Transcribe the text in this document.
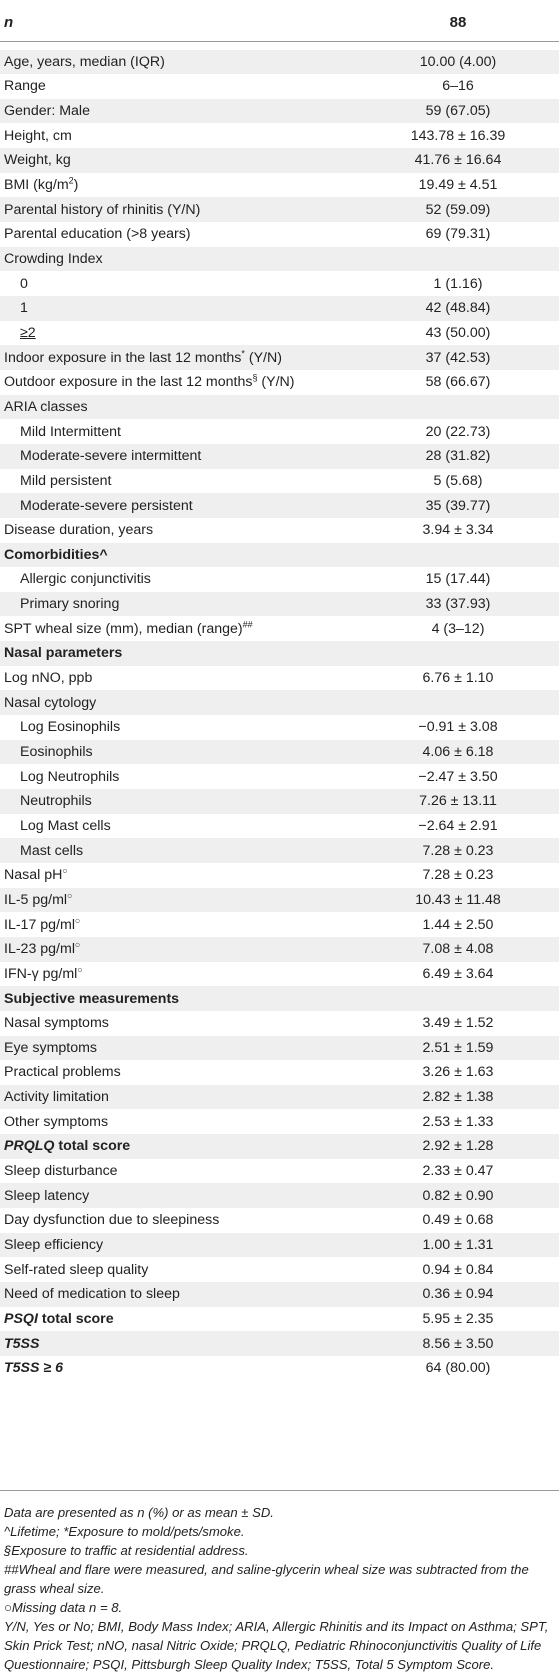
n	88
Age, years, median (IQR)	10.00 (4.00)
Range	6–16
Gender: Male	59 (67.05)
Height, cm	143.78 ± 16.39
Weight, kg	41.76 ± 16.64
BMI $(kg/m^2)$	19.49 ± 4.51
Parental history of rhinitis (Y/N)	52 (59.09)
Parental education (>8 years)	69 (79.31)
Crowding Index
0	1 (1.16)
1	42 (48.84)
≥2	43 (50.00)
Indoor exposure in the last 12 months* (Y/N)	37 (42.53)
Outdoor exposure in the last 12 months§ (Y/N)	58 (66.67)
ARIA classes
Mild Intermittent	20 (22.73)
Moderate-severe intermittent	28 (31.82)
Mild persistent	5 (5.68)
Moderate-severe persistent	35 (39.77)
Disease duration, years	3.94 ± 3.34
Comorbidities^
Allergic conjunctivitis	15 (17.44)
Primary snoring	33 (37.93)
SPT wheal size (mm), median (range)##	4 (3–12)
Nasal parameters
Log nNO, ppb	6.76 ± 1.10
Nasal cytology
Log Eosinophils	−0.91 ± 3.08
Eosinophils	4.06 ± 6.18
Log Neutrophils	−2.47 ± 3.50
Neutrophils	7.26 ± 13.11
Log Mast cells	−2.64 ± 2.91
Mast cells	7.28 ± 0.23
Nasal pH○	7.28 ± 0.23
IL-5 pg/ml○	10.43 ± 11.48
IL-17 pg/ml○	1.44 ± 2.50
IL-23 pg/ml○	7.08 ± 4.08
IFN-γ pg/ml○	6.49 ± 3.64
Subjective measurements
Nasal symptoms	3.49 ± 1.52
Eye symptoms	2.51 ± 1.59
Practical problems	3.26 ± 1.63
Activity limitation	2.82 ± 1.38
Other symptoms	2.53 ± 1.33
PRQLQ total score	2.92 ± 1.28
Sleep disturbance	2.33 ± 0.47
Sleep latency	0.82 ± 0.90
Day dysfunction due to sleepiness	0.49 ± 0.68
Sleep efficiency	1.00 ± 1.31
Self-rated sleep quality	0.94 ± 0.84
Need of medication to sleep	0.36 ± 0.94
PSQI total score	5.95 ± 2.35
T5SS	8.56 ± 3.50
T5SS ≥ 6	64 (80.00)
Data are presented as n (%) or as mean ± SD.
^Lifetime; *Exposure to mold/pets/smoke.
§Exposure to traffic at residential address.
##Wheal and flare were measured, and saline-glycerin wheal size was subtracted from the grass wheal size.
○Missing data n = 8.
Y/N, Yes or No; BMI, Body Mass Index; ARIA, Allergic Rhinitis and its Impact on Asthma; SPT, Skin Prick Test; nNO, nasal Nitric Oxide; PRQLQ, Pediatric Rhinoconjunctivitis Quality of Life Questionnaire; PSQI, Pittsburgh Sleep Quality Index; T5SS, Total 5 Symptom Score.
